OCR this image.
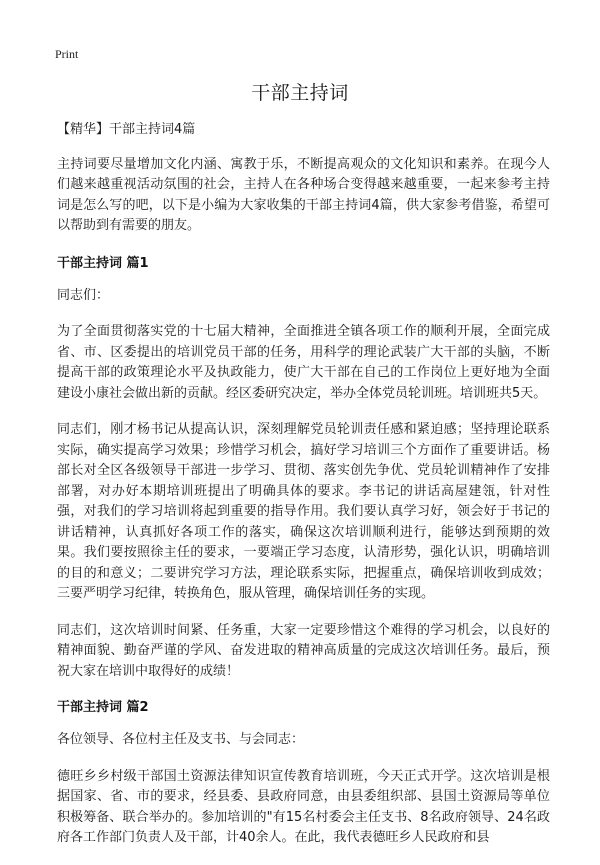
Print
干部主持词

【精华】干部主持词4篇

主持词要尽量增加文化内涵、寓教于乐，不断提高观众的文化知识和素养。在现今人们越来越重视活动氛围的社会，主持人在各种场合变得越来越重要，一起来参考主持词是怎么写的吧，以下是小编为大家收集的干部主持词4篇，供大家参考借鉴，希望可以帮助到有需要的朋友。

干部主持词 篇1

同志们：

为了全面贯彻落实党的十七届大精神，全面推进全镇各项工作的顺利开展，全面完成省、市、区委提出的培训党员干部的任务，用科学的理论武装广大干部的头脑，不断提高干部的政策理论水平及执政能力，使广大干部在自己的工作岗位上更好地为全面建设小康社会做出新的贡献。经区委研究决定，举办全体党员轮训班。培训班共5天。

同志们，刚才杨书记从提高认识，深刻理解党员轮训责任感和紧迫感；坚持理论联系实际，确实提高学习效果；珍惜学习机会，搞好学习培训三个方面作了重要讲话。杨部长对全区各级领导干部进一步学习、贯彻、落实创先争优、党员轮训精神作了安排部署，对办好本期培训班提出了明确具体的要求。李书记的讲话高屋建瓴，针对性强，对我们的学习培训将起到重要的指导作用。我们要认真学习好，领会好于书记的讲话精神，认真抓好各项工作的落实，确保这次培训顺利进行，能够达到预期的效果。我们要按照徐主任的要求，一要端正学习态度，认清形势，强化认识，明确培训的目的和意义；二要讲究学习方法，理论联系实际，把握重点，确保培训收到成效；三要严明学习纪律，转换角色，服从管理，确保培训任务的实现。

同志们，这次培训时间紧、任务重，大家一定要珍惜这个难得的学习机会，以良好的精神面貌、勤奋严谨的学风、奋发进取的精神高质量的完成这次培训任务。最后，预祝大家在培训中取得好的成绩！

干部主持词 篇2

各位领导、各位村主任及支书、与会同志：

德旺乡乡村级干部国土资源法律知识宣传教育培训班，今天正式开学。这次培训是根据国家、省、市的要求，经县委、县政府同意，由县委组织部、县国土资源局等单位积极筹备、联合举办的。参加培训的"有15名村委会主任支书、8名政府领导、24名政府各工作部门负责人及干部，计40余人。在此，我代表德旺乡人民政府和县
